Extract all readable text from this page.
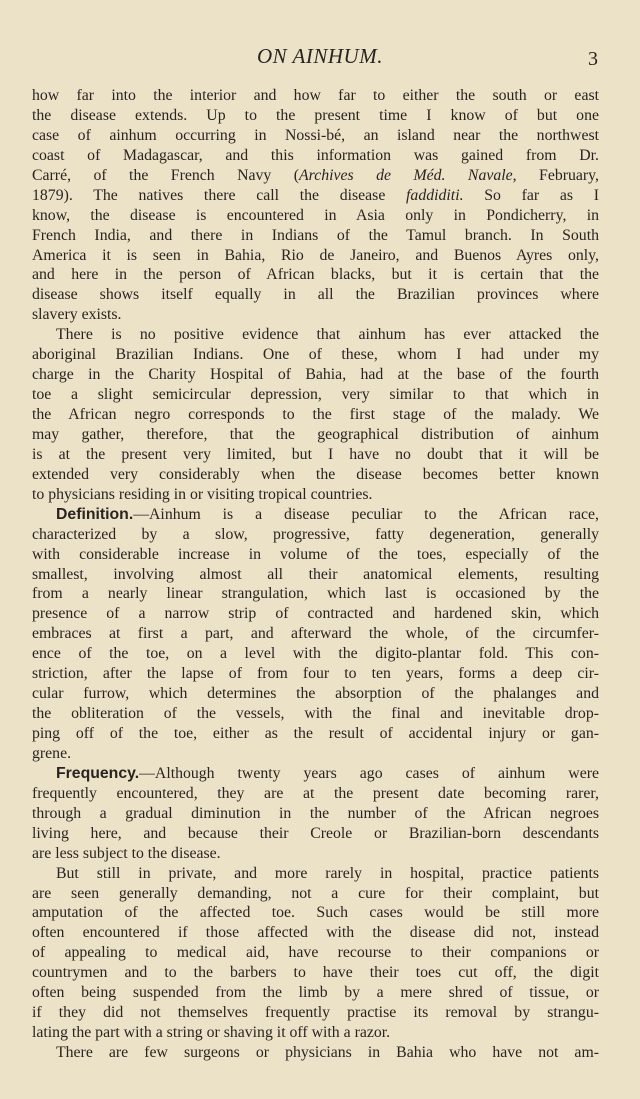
ON AINHUM.	3
how far into the interior and how far to either the south or east
the disease extends. Up to the present time I know of but one
case of ainhum occurring in Nossi-bé, an island near the northwest
coast of Madagascar, and this information was gained from Dr.
Carré, of the French Navy (Archives de Méd. Navale, February,
1879). The natives there call the disease faddiditi. So far as I
know, the disease is encountered in Asia only in Pondicherry, in
French India, and there in Indians of the Tamul branch. In South
America it is seen in Bahia, Rio de Janeiro, and Buenos Ayres only,
and here in the person of African blacks, but it is certain that the
disease shows itself equally in all the Brazilian provinces where
slavery exists.
There is no positive evidence that ainhum has ever attacked the
aboriginal Brazilian Indians. One of these, whom I had under my
charge in the Charity Hospital of Bahia, had at the base of the fourth
toe a slight semicircular depression, very similar to that which in
the African negro corresponds to the first stage of the malady. We
may gather, therefore, that the geographical distribution of ainhum
is at the present very limited, but I have no doubt that it will be
extended very considerably when the disease becomes better known
to physicians residing in or visiting tropical countries.
Definition.—Ainhum is a disease peculiar to the African race,
characterized by a slow, progressive, fatty degeneration, generally
with considerable increase in volume of the toes, especially of the
smallest, involving almost all their anatomical elements, resulting
from a nearly linear strangulation, which last is occasioned by the
presence of a narrow strip of contracted and hardened skin, which
embraces at first a part, and afterward the whole, of the circumfer-
ence of the toe, on a level with the digito-plantar fold. This con-
striction, after the lapse of from four to ten years, forms a deep cir-
cular furrow, which determines the absorption of the phalanges and
the obliteration of the vessels, with the final and inevitable drop-
ping off of the toe, either as the result of accidental injury or gan-
grene.
Frequency.—Although twenty years ago cases of ainhum were
frequently encountered, they are at the present date becoming rarer,
through a gradual diminution in the number of the African negroes
living here, and because their Creole or Brazilian-born descendants
are less subject to the disease.
But still in private, and more rarely in hospital, practice patients
are seen generally demanding, not a cure for their complaint, but
amputation of the affected toe. Such cases would be still more
often encountered if those affected with the disease did not, instead
of appealing to medical aid, have recourse to their companions or
countrymen and to the barbers to have their toes cut off, the digit
often being suspended from the limb by a mere shred of tissue, or
if they did not themselves frequently practise its removal by strangu-
lating the part with a string or shaving it off with a razor.
There are few surgeons or physicians in Bahia who have not am-
